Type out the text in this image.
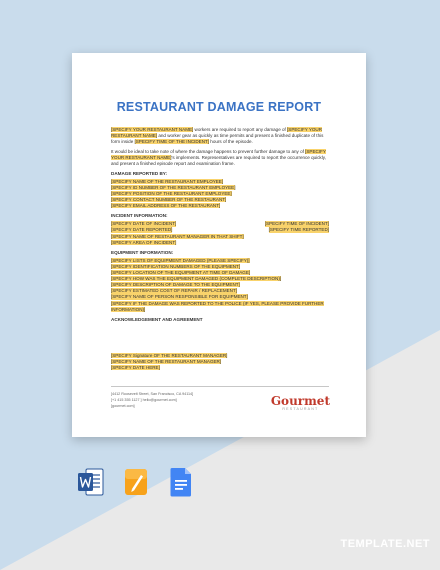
RESTAURANT DAMAGE REPORT

[SPECIFY YOUR RESTAURANT NAME] workers are required to report any damage of [SPECIFY YOUR RESTAURANT NAME] and worker gear as quickly as time permits and present a finished duplicate of this form inside [SPECIFY TIME OF THE INCIDENT] hours of the episode.

It would be ideal to take note of where the damage happens to prevent further damage to any of [SPECIFY YOUR RESTAURANT NAME]'s implements. Representatives are required to report the occurrence quickly, and present a finished episode report and examination frame.

DAMAGE REPORTED BY:
[SPECIFY NAME OF THE RESTAURANT EMPLOYEE]
[SPECIFY ID NUMBER OF THE RESTAURANT EMPLOYEE]
[SPECIFY POSITION OF THE RESTAURANT EMPLOYEE]
[SPECIFY CONTACT NUMBER OF THE RESTAURANT]
[SPECIFY EMAIL ADDRESS OF THE RESTAURANT]
INCIDENT INFORMATION:
[SPECIFY DATE OF INCIDENT]	[SPECIFY TIME OF INCIDENT]
[SPECIFY DATE REPORTED]	[SPECIFY TIME REPORTED]
[SPECIFY NAME OF RESTAURANT MANAGER IN THAT SHIFT]
[SPECIFY AREA OF INCIDENT]
EQUIPMENT INFORMATION:
[SPECIFY LISTS OF EQUIPMENT DAMAGED (PLEASE SPECIFY)]
[SPECIFY IDENTIFICATION NUMBERS OF THE EQUIPMENT]
[SPECIFY LOCATION OF THE EQUIPMENT AT TIME OF DAMAGE]
[SPECIFY HOW WAS THE EQUIPMENT DAMAGED (COMPLETE DESCRIPTION)]
[SPECIFY DESCRIPTION OF DAMAGE TO THE EQUIPMENT]
[SPECIFY ESTIMATED COST OF REPAIR / REPLACEMENT]
[SPECIFY NAME OF PERSON RESPONSIBLE FOR EQUIPMENT]
[SPECIFY IF THE DAMAGE WAS REPORTED TO THE POLICE (IF YES, PLEASE PROVIDE FURTHER
INFORMATION)]
ACKNOWLEDGEMENT AND AGREEMENT
[SPECIFY Signature OF THE RESTAURANT MANAGER]
[SPECIFY NAME OF THE RESTAURANT MANAGER]
[SPECIFY DATE HERE]
[4412 Roosevelt Street, San Francisco, CA 94114]
[+1 415 355 1127 ] hello@gourmet.com]
[gourmet.com]	Gourmet
RESTAURANT
TEMPLATE.NET
